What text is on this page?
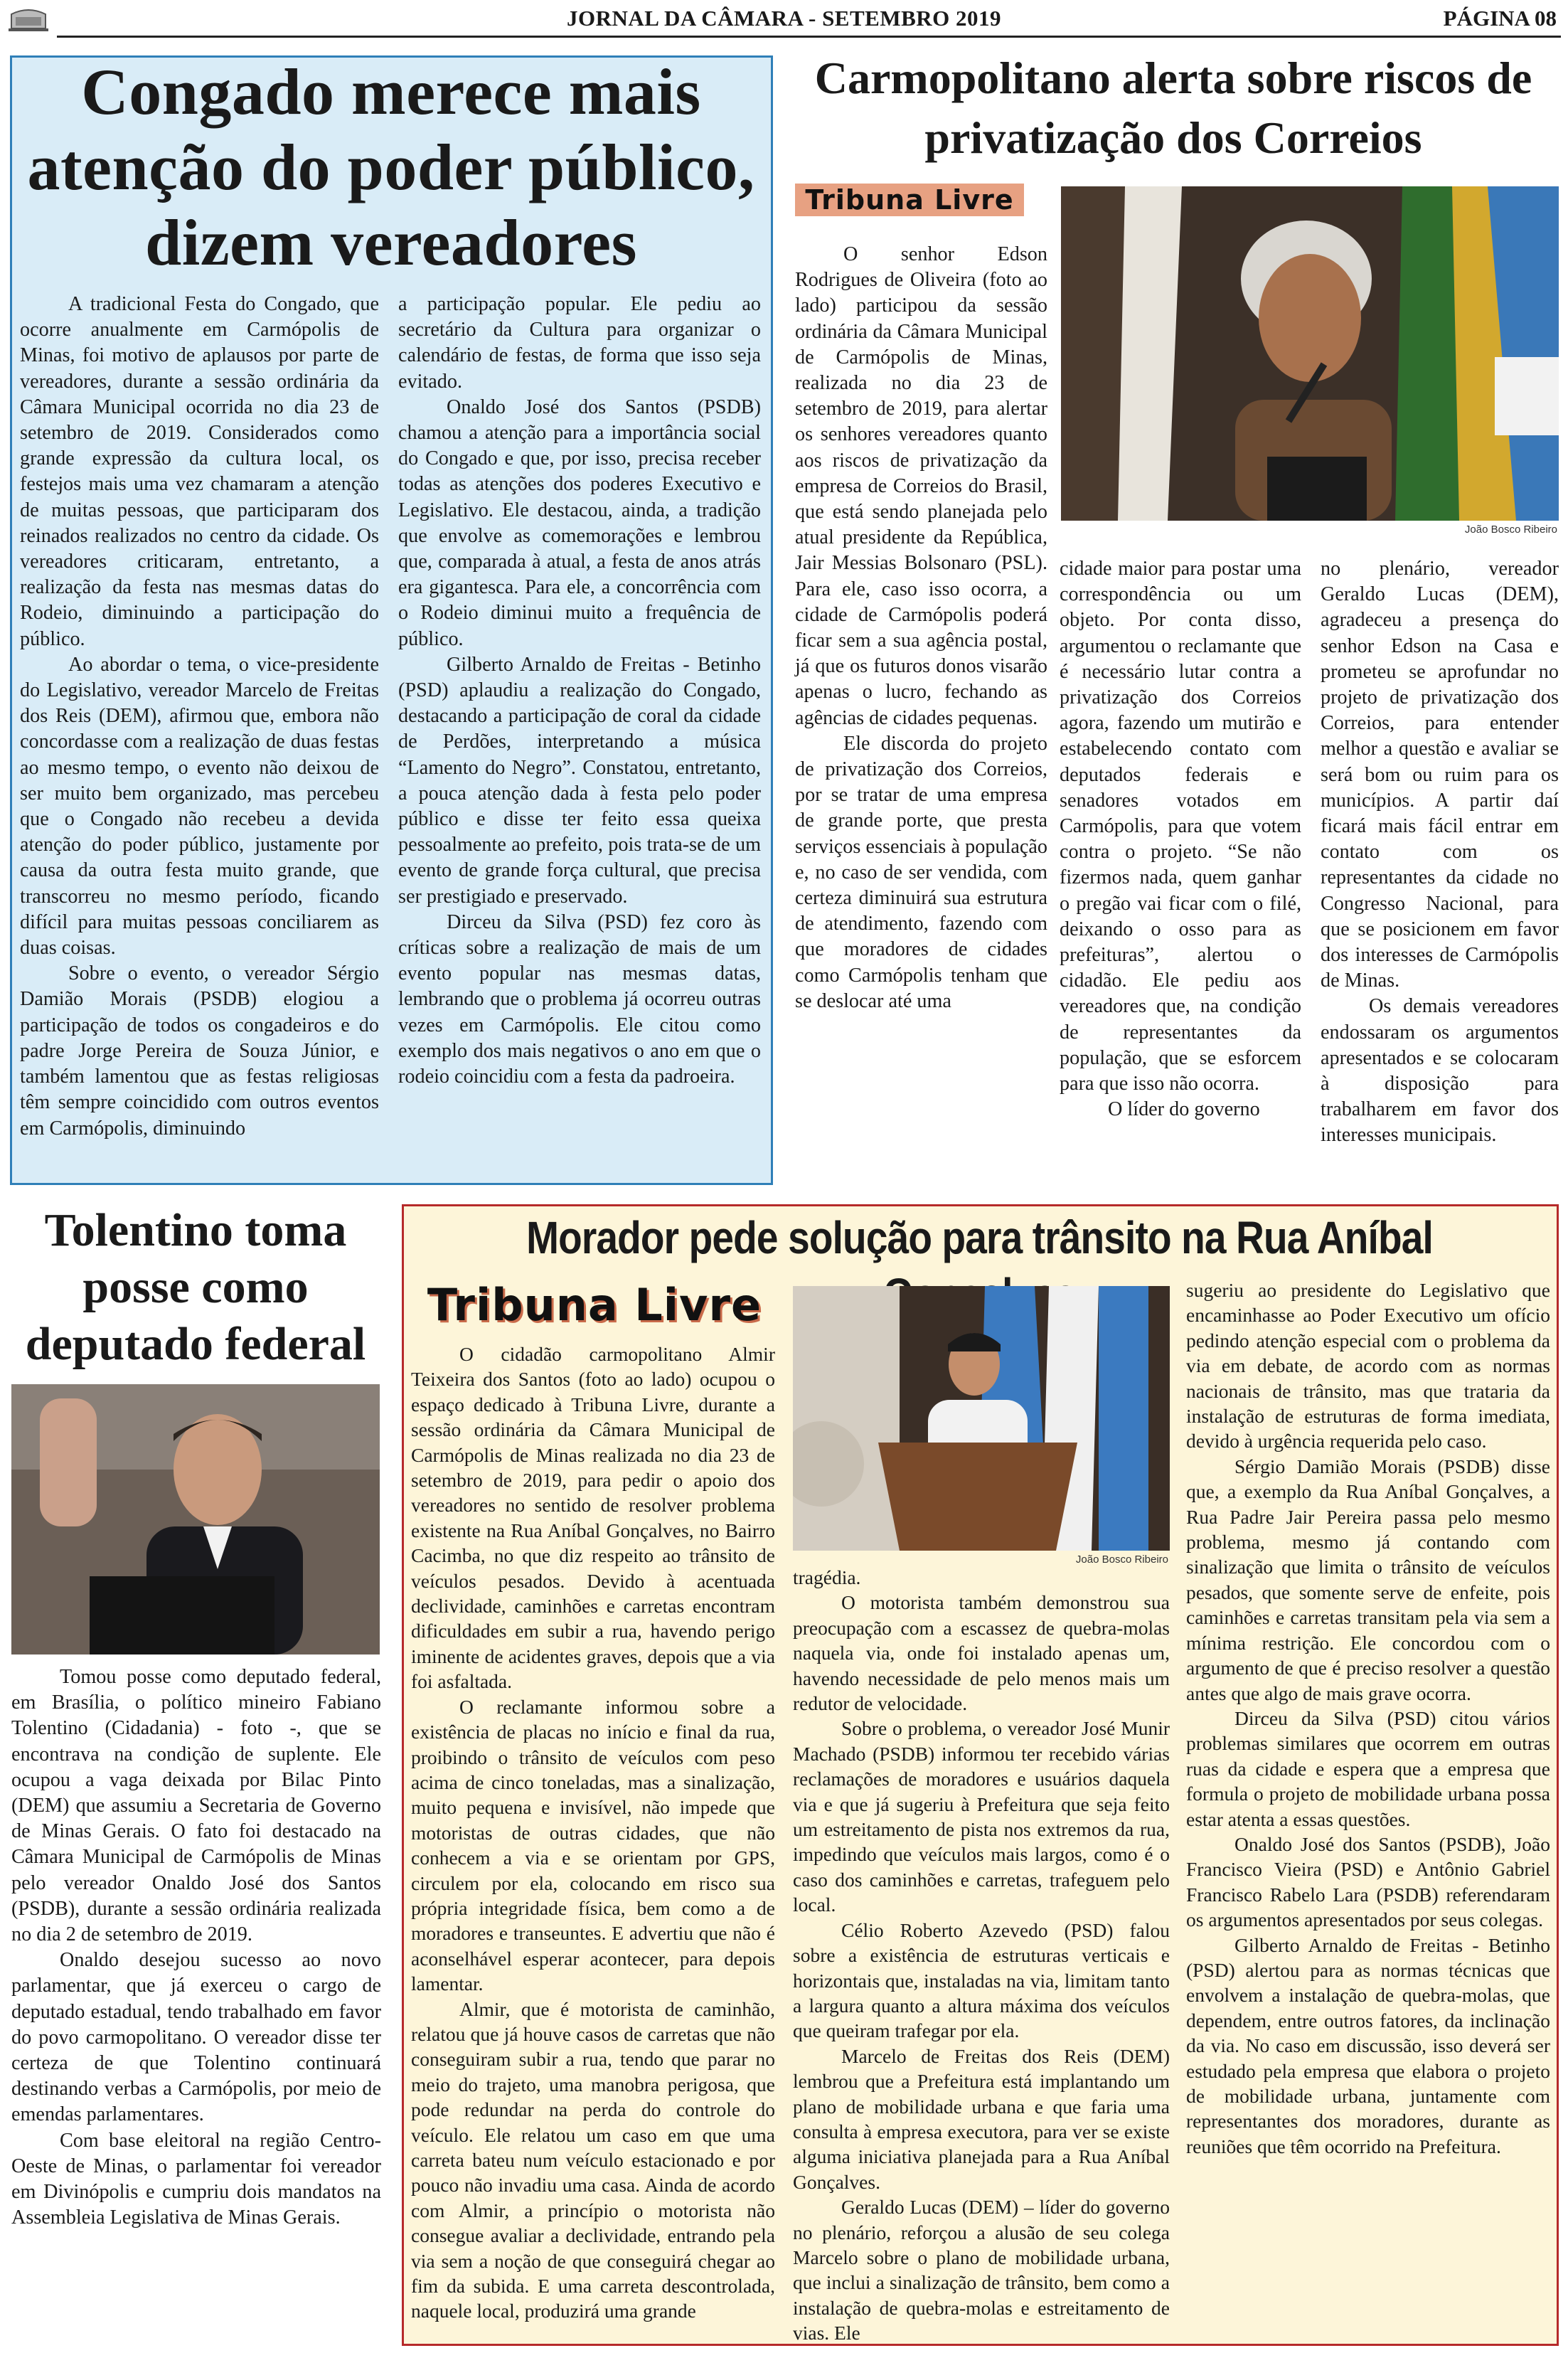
JORNAL DA CÂMARA - SETEMBRO 2019	PÁGINA 08
Congado merece mais atenção do poder público, dizem vereadores

A tradicional Festa do Congado, que ocorre anualmente em Carmópolis de Minas, foi motivo de aplausos por parte de vereadores, durante a sessão ordinária da Câmara Municipal ocorrida no dia 23 de setembro de 2019. Considerados como grande expressão da cultura local, os festejos mais uma vez chamaram a atenção de muitas pessoas, que participaram dos reinados realizados no centro da cidade. Os vereadores criticaram, entretanto, a realização da festa nas mesmas datas do Rodeio, diminuindo a participação do público.

Ao abordar o tema, o vice-presidente do Legislativo, vereador Marcelo de Freitas dos Reis (DEM), afirmou que, embora não concordasse com a realização de duas festas ao mesmo tempo, o evento não deixou de ser muito bem organizado, mas percebeu que o Congado não recebeu a devida atenção do poder público, justamente por causa da outra festa muito grande, que transcorreu no mesmo período, ficando difícil para muitas pessoas conciliarem as duas coisas.

Sobre o evento, o vereador Sérgio Damião Morais (PSDB) elogiou a participação de todos os congadeiros e do padre Jorge Pereira de Souza Júnior, e também lamentou que as festas religiosas têm sempre coincidido com outros eventos em Carmópolis, diminuindo

a participação popular. Ele pediu ao secretário da Cultura para organizar o calendário de festas, de forma que isso seja evitado.

Onaldo José dos Santos (PSDB) chamou a atenção para a importância social do Congado e que, por isso, precisa receber todas as atenções dos poderes Executivo e Legislativo. Ele destacou, ainda, a tradição que envolve as comemorações e lembrou que, comparada à atual, a festa de anos atrás era gigantesca. Para ele, a concorrência com o Rodeio diminui muito a frequência de público.

Gilberto Arnaldo de Freitas - Betinho (PSD) aplaudiu a realização do Congado, destacando a participação de coral da cidade de Perdões, interpretando a música “Lamento do Negro”. Constatou, entretanto, a pouca atenção dada à festa pelo poder público e disse ter feito essa queixa pessoalmente ao prefeito, pois trata-se de um evento de grande força cultural, que precisa ser prestigiado e preservado.

Dirceu da Silva (PSD) fez coro às críticas sobre a realização de mais de um evento popular nas mesmas datas, lembrando que o problema já ocorreu outras vezes em Carmópolis. Ele citou como exemplo dos mais negativos o ano em que o rodeio coincidiu com a festa da padroeira.

Carmopolitano alerta sobre riscos de privatização dos Correios
Tribuna Livre
João Bosco Ribeiro

O senhor Edson Rodrigues de Oliveira (foto ao lado) participou da sessão ordinária da Câmara Municipal de Carmópolis de Minas, realizada no dia 23 de setembro de 2019, para alertar os senhores vereadores quanto aos riscos de privatização da empresa de Correios do Brasil, que está sendo planejada pelo atual presidente da República, Jair Messias Bolsonaro (PSL). Para ele, caso isso ocorra, a cidade de Carmópolis poderá ficar sem a sua agência postal, já que os futuros donos visarão apenas o lucro, fechando as agências de cidades pequenas.

Ele discorda do projeto de privatização dos Correios, por se tratar de uma empresa de grande porte, que presta serviços essenciais à população e, no caso de ser vendida, com certeza diminuirá sua estrutura de atendimento, fazendo com que moradores de cidades como Carmópolis tenham que se deslocar até uma

cidade maior para postar uma correspondência ou um objeto. Por conta disso, argumentou o reclamante que é necessário lutar contra a privatização dos Correios agora, fazendo um mutirão e estabelecendo contato com deputados federais e senadores votados em Carmópolis, para que votem contra o projeto. “Se não fizermos nada, quem ganhar o pregão vai ficar com o filé, deixando o osso para as prefeituras”, alertou o cidadão. Ele pediu aos vereadores que, na condição de representantes da população, que se esforcem para que isso não ocorra.

O líder do governo

no plenário, vereador Geraldo Lucas (DEM), agradeceu a presença do senhor Edson na Casa e prometeu se aprofundar no projeto de privatização dos Correios, para entender melhor a questão e avaliar se será bom ou ruim para os municípios. A partir daí ficará mais fácil entrar em contato com os representantes da cidade no Congresso Nacional, para que se posicionem em favor dos interesses de Carmópolis de Minas.

Os demais vereadores endossaram os argumentos apresentados e se colocaram à disposição para trabalharem em favor dos interesses municipais.

Tolentino toma posse como deputado federal

Tomou posse como deputado federal, em Brasília, o político mineiro Fabiano Tolentino (Cidadania) - foto -, que se encontrava na condição de suplente. Ele ocupou a vaga deixada por Bilac Pinto (DEM) que assumiu a Secretaria de Governo de Minas Gerais. O fato foi destacado na Câmara Municipal de Carmópolis de Minas pelo vereador Onaldo José dos Santos (PSDB), durante a sessão ordinária realizada no dia 2 de setembro de 2019.

Onaldo desejou sucesso ao novo parlamentar, que já exerceu o cargo de deputado estadual, tendo trabalhado em favor do povo carmopolitano. O vereador disse ter certeza de que Tolentino continuará destinando verbas a Carmópolis, por meio de emendas parlamentares.

Com base eleitoral na região Centro-Oeste de Minas, o parlamentar foi vereador em Divinópolis e cumpriu dois mandatos na Assembleia Legislativa de Minas Gerais.

Morador pede solução para trânsito na Rua Aníbal
Tribuna Livre
João Bosco Ribeiro

O cidadão carmopolitano Almir Teixeira dos Santos (foto ao lado) ocupou o espaço dedicado à Tribuna Livre, durante a sessão ordinária da Câmara Municipal de Carmópolis de Minas realizada no dia 23 de setembro de 2019, para pedir o apoio dos vereadores no sentido de resolver problema existente na Rua Aníbal Gonçalves, no Bairro Cacimba, no que diz respeito ao trânsito de veículos pesados. Devido à acentuada declividade, caminhões e carretas encontram dificuldades em subir a rua, havendo perigo iminente de acidentes graves, depois que a via foi asfaltada.

O reclamante informou sobre a existência de placas no início e final da rua, proibindo o trânsito de veículos com peso acima de cinco toneladas, mas a sinalização, muito pequena e invisível, não impede que motoristas de outras cidades, que não conhecem a via e se orientam por GPS, circulem por ela, colocando em risco sua própria integridade física, bem como a de moradores e transeuntes. E advertiu que não é aconselhável esperar acontecer, para depois lamentar.

Almir, que é motorista de caminhão, relatou que já houve casos de carretas que não conseguiram subir a rua, tendo que parar no meio do trajeto, uma manobra perigosa, que pode redundar na perda do controle do veículo. Ele relatou um caso em que uma carreta bateu num veículo estacionado e por pouco não invadiu uma casa. Ainda de acordo com Almir, a princípio o motorista não consegue avaliar a declividade, entrando pela via sem a noção de que conseguirá chegar ao fim da subida. E uma carreta descontrolada, naquele local, produzirá uma grande

tragédia.

O motorista também demonstrou sua preocupação com a escassez de quebra-molas naquela via, onde foi instalado apenas um, havendo necessidade de pelo menos mais um redutor de velocidade.

Sobre o problema, o vereador José Munir Machado (PSDB) informou ter recebido várias reclamações de moradores e usuários daquela via e que já sugeriu à Prefeitura que seja feito um estreitamento de pista nos extremos da rua, impedindo que veículos mais largos, como é o caso dos caminhões e carretas, trafeguem pelo local.

Célio Roberto Azevedo (PSD) falou sobre a existência de estruturas verticais e horizontais que, instaladas na via, limitam tanto a largura quanto a altura máxima dos veículos que queiram trafegar por ela.

Marcelo de Freitas dos Reis (DEM) lembrou que a Prefeitura está implantando um plano de mobilidade urbana e que faria uma consulta à empresa executora, para ver se existe alguma iniciativa planejada para a Rua Aníbal Gonçalves.

Geraldo Lucas (DEM) – líder do governo no plenário, reforçou a alusão de seu colega Marcelo sobre o plano de mobilidade urbana, que inclui a sinalização de trânsito, bem como a instalação de quebra-molas e estreitamento de vias. Ele

sugeriu ao presidente do Legislativo que encaminhasse ao Poder Executivo um ofício pedindo atenção especial com o problema da via em debate, de acordo com as normas nacionais de trânsito, mas que trataria da instalação de estruturas de forma imediata, devido à urgência requerida pelo caso.

Sérgio Damião Morais (PSDB) disse que, a exemplo da Rua Aníbal Gonçalves, a Rua Padre Jair Pereira passa pelo mesmo problema, mesmo já contando com sinalização que limita o trânsito de veículos pesados, que somente serve de enfeite, pois caminhões e carretas transitam pela via sem a mínima restrição. Ele concordou com o argumento de que é preciso resolver a questão antes que algo de mais grave ocorra.

Dirceu da Silva (PSD) citou vários problemas similares que ocorrem em outras ruas da cidade e espera que a empresa que formula o projeto de mobilidade urbana possa estar atenta a essas questões.

Onaldo José dos Santos (PSDB), João Francisco Vieira (PSD) e Antônio Gabriel Francisco Rabelo Lara (PSDB) referendaram os argumentos apresentados por seus colegas.

Gilberto Arnaldo de Freitas - Betinho (PSD) alertou para as normas técnicas que envolvem a instalação de quebra-molas, que dependem, entre outros fatores, da inclinação da via. No caso em discussão, isso deverá ser estudado pela empresa que elabora o projeto de mobilidade urbana, juntamente com representantes dos moradores, durante as reuniões que têm ocorrido na Prefeitura.
